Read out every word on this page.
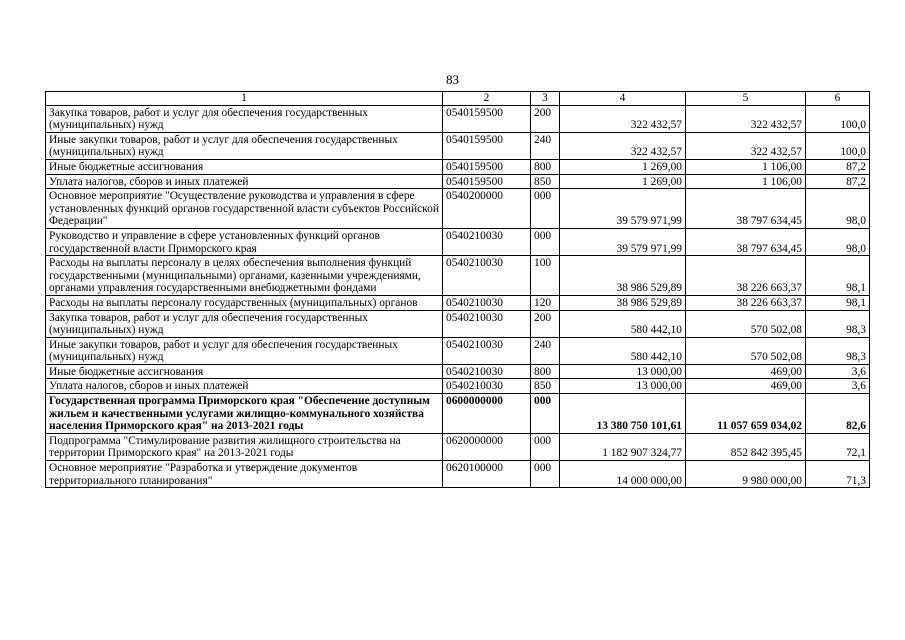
83
1	2	3	4	5	6
Закупка товаров, работ и услуг для обеспечения государственных (муниципальных) нужд	0540159500	200	322 432,57	322 432,57	100,0
Иные закупки товаров, работ и услуг для обеспечения государственных (муниципальных) нужд	0540159500	240	322 432,57	322 432,57	100,0
Иные бюджетные ассигнования	0540159500	800	1 269,00	1 106,00	87,2
Уплата налогов, сборов и иных платежей	0540159500	850	1 269,00	1 106,00	87,2
Основное мероприятие "Осуществление руководства и управления в сфере установленных функций органов государственной власти субъектов Российской Федерации"	0540200000	000	39 579 971,99	38 797 634,45	98,0
Руководство и управление в сфере установленных функций органов государственной власти Приморского края	0540210030	000	39 579 971,99	38 797 634,45	98,0
Расходы на выплаты персоналу в целях обеспечения выполнения функций государственными (муниципальными) органами, казенными учреждениями, органами управления государственными внебюджетными фондами	0540210030	100	38 986 529,89	38 226 663,37	98,1
Расходы на выплаты персоналу государственных (муниципальных) органов	0540210030	120	38 986 529,89	38 226 663,37	98,1
Закупка товаров, работ и услуг для обеспечения государственных (муниципальных) нужд	0540210030	200	580 442,10	570 502,08	98,3
Иные закупки товаров, работ и услуг для обеспечения государственных (муниципальных) нужд	0540210030	240	580 442,10	570 502,08	98,3
Иные бюджетные ассигнования	0540210030	800	13 000,00	469,00	3,6
Уплата налогов, сборов и иных платежей	0540210030	850	13 000,00	469,00	3,6
Государственная программа Приморского края "Обеспечение доступным жильем и качественными услугами жилищно-коммунального хозяйства населения Приморского края" на 2013-2021 годы	0600000000	000	13 380 750 101,61	11 057 659 034,02	82,6
Подпрограмма "Стимулирование развития жилищного строительства на территории Приморского края" на 2013-2021 годы	0620000000	000	1 182 907 324,77	852 842 395,45	72,1
Основное мероприятие "Разработка и утверждение документов территориального планирования"	0620100000	000	14 000 000,00	9 980 000,00	71,3
